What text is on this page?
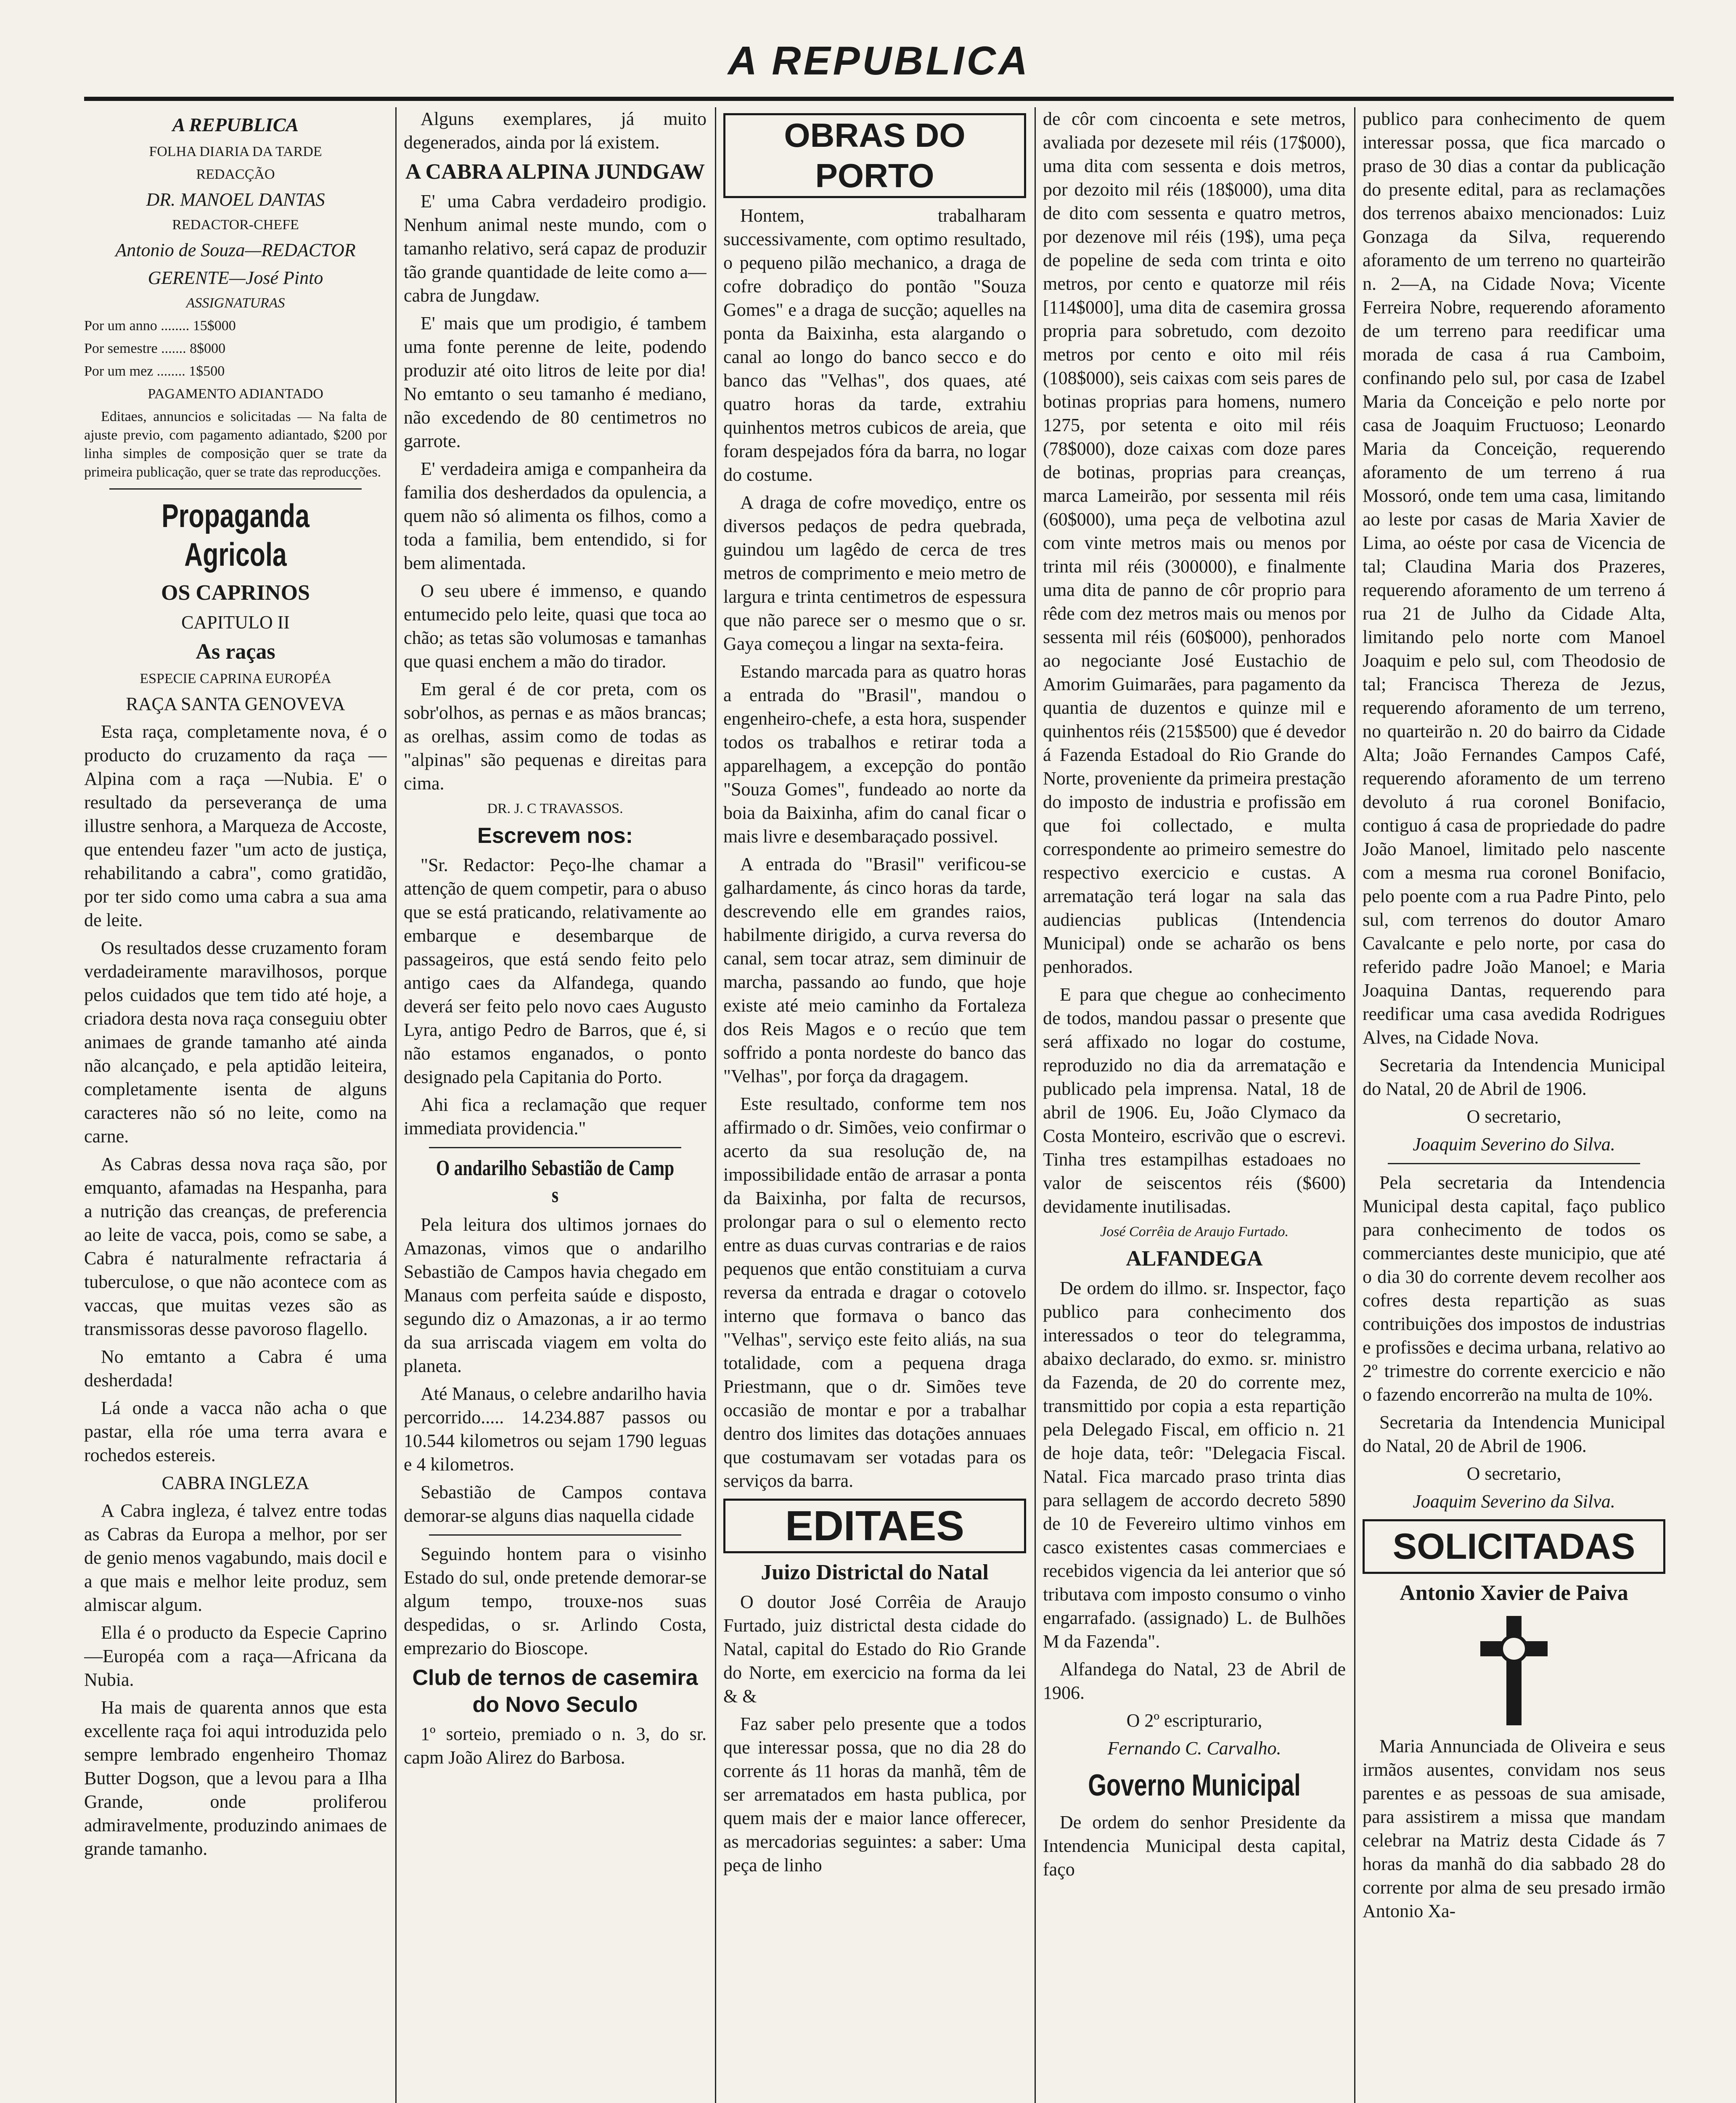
A REPUBLICA
A REPUBLICA

FOLHA DIARIA DA TARDE

REDACÇÃO

DR. MANOEL DANTAS

REDACTOR-CHEFE

Antonio de Souza—REDACTOR

GERENTE—José Pinto

ASSIGNATURAS

Por um anno ........ 15$000

Por semestre ....... 8$000

Por um mez ........ 1$500

PAGAMENTO ADIANTADO

Editaes, annuncios e solicitadas — Na falta de ajuste previo, com pagamento adiantado, $200 por linha simples de composição quer se trate da primeira publicação, quer se trate das reproducções.

Propaganda Agricola
OS CAPRINOS

CAPITULO II

As raças

ESPECIE CAPRINA EUROPÉA

RAÇA SANTA GENOVEVA

Esta raça, completamente nova, é o producto do cruzamento da raça —Alpina com a raça —Nubia. E' o resultado da perseverança de uma illustre senhora, a Marqueza de Accoste, que entendeu fazer "um acto de justiça, rehabilitando a cabra", como gratidão, por ter sido como uma cabra a sua ama de leite.

Os resultados desse cruzamento foram verdadeiramente maravilhosos, porque pelos cuidados que tem tido até hoje, a criadora desta nova raça conseguiu obter animaes de grande tamanho até ainda não alcançado, e pela aptidão leiteira, completamente isenta de alguns caracteres não só no leite, como na carne.

As Cabras dessa nova raça são, por emquanto, afamadas na Hespanha, para a nutrição das creanças, de preferencia ao leite de vacca, pois, como se sabe, a Cabra é naturalmente refractaria á tuberculose, o que não acontece com as vaccas, que muitas vezes são as transmissoras desse pavoroso flagello.

No emtanto a Cabra é uma desherdada!

Lá onde a vacca não acha o que pastar, ella róe uma terra avara e rochedos estereis.

CABRA INGLEZA

A Cabra ingleza, é talvez entre todas as Cabras da Europa a melhor, por ser de genio menos vagabundo, mais docil e a que mais e melhor leite produz, sem almiscar algum.

Ella é o producto da Especie Caprino—Européa com a raça—Africana da Nubia.

Ha mais de quarenta annos que esta excellente raça foi aqui introduzida pelo sempre lembrado engenheiro Thomaz Butter Dogson, que a levou para a Ilha Grande, onde proliferou admiravelmente, produzindo animaes de grande tamanho.

Alguns exemplares, já muito degenerados, ainda por lá existem.

A CABRA ALPINA JUNDGAW

E' uma Cabra verdadeiro prodigio. Nenhum animal neste mundo, com o tamanho relativo, será capaz de produzir tão grande quantidade de leite como a—cabra de Jungdaw.

E' mais que um prodigio, é tambem uma fonte perenne de leite, podendo produzir até oito litros de leite por dia! No emtanto o seu tamanho é mediano, não excedendo de 80 centimetros no garrote.

E' verdadeira amiga e companheira da familia dos desherdados da opulencia, a quem não só alimenta os filhos, como a toda a familia, bem entendido, si for bem alimentada.

O seu ubere é immenso, e quando entumecido pelo leite, quasi que toca ao chão; as tetas são volumosas e tamanhas que quasi enchem a mão do tirador.

Em geral é de cor preta, com os sobr'olhos, as pernas e as mãos brancas; as orelhas, assim como de todas as "alpinas" são pequenas e direitas para cima.

DR. J. C TRAVASSOS.

Escrevem nos:

"Sr. Redactor: Peço-lhe chamar a attenção de quem competir, para o abuso que se está praticando, relativamente ao embarque e desembarque de passageiros, que está sendo feito pelo antigo caes da Alfandega, quando deverá ser feito pelo novo caes Augusto Lyra, antigo Pedro de Barros, que é, si não estamos enganados, o ponto designado pela Capitania do Porto.

Ahi fica a reclamação que requer immediata providencia."

O andarilho Sebastião de Camp s

Pela leitura dos ultimos jornaes do Amazonas, vimos que o andarilho Sebastião de Campos havia chegado em Manaus com perfeita saúde e disposto, segundo diz o Amazonas, a ir ao termo da sua arriscada viagem em volta do planeta.

Até Manaus, o celebre andarilho havia percorrido..... 14.234.887 passos ou 10.544 kilometros ou sejam 1790 leguas e 4 kilometros.

Sebastião de Campos contava demorar-se alguns dias naquella cidade

Seguindo hontem para o visinho Estado do sul, onde pretende demorar-se algum tempo, trouxe-nos suas despedidas, o sr. Arlindo Costa, emprezario do Bioscope.

Club de ternos de casemira do Novo Seculo

1º sorteio, premiado o n. 3, do sr. capm João Alirez do Barbosa.

OBRAS DO PORTO

Hontem, trabalharam successivamente, com optimo resultado, o pequeno pilão mechanico, a draga de cofre dobradiço do pontão "Souza Gomes" e a draga de sucção; aquelles na ponta da Baixinha, esta alargando o canal ao longo do banco secco e do banco das "Velhas", dos quaes, até quatro horas da tarde, extrahiu quinhentos metros cubicos de areia, que foram despejados fóra da barra, no logar do costume.

A draga de cofre movediço, entre os diversos pedaços de pedra quebrada, guindou um lagêdo de cerca de tres metros de comprimento e meio metro de largura e trinta centimetros de espessura que não parece ser o mesmo que o sr. Gaya começou a lingar na sexta-feira.

Estando marcada para as quatro horas a entrada do "Brasil", mandou o engenheiro-chefe, a esta hora, suspender todos os trabalhos e retirar toda a apparelhagem, a excepção do pontão "Souza Gomes", fundeado ao norte da boia da Baixinha, afim do canal ficar o mais livre e desembaraçado possivel.

A entrada do "Brasil" verificou-se galhardamente, ás cinco horas da tarde, descrevendo elle em grandes raios, habilmente dirigido, a curva reversa do canal, sem tocar atraz, sem diminuir de marcha, passando ao fundo, que hoje existe até meio caminho da Fortaleza dos Reis Magos e o recúo que tem soffrido a ponta nordeste do banco das "Velhas", por força da dragagem.

Este resultado, conforme tem nos affirmado o dr. Simões, veio confirmar o acerto da sua resolução de, na impossibilidade então de arrasar a ponta da Baixinha, por falta de recursos, prolongar para o sul o elemento recto entre as duas curvas contrarias e de raios pequenos que então constituiam a curva reversa da entrada e dragar o cotovelo interno que formava o banco das "Velhas", serviço este feito aliás, na sua totalidade, com a pequena draga Priestmann, que o dr. Simões teve occasião de montar e por a trabalhar dentro dos limites das dotações annuaes que costumavam ser votadas para os serviços da barra.

EDITAES
Juizo Districtal do Natal

O doutor José Corrêia de Araujo Furtado, juiz districtal desta cidade do Natal, capital do Estado do Rio Grande do Norte, em exercicio na forma da lei & &

Faz saber pelo presente que a todos que interessar possa, que no dia 28 do corrente ás 11 horas da manhã, têm de ser arrematados em hasta publica, por quem mais der e maior lance offerecer, as mercadorias seguintes: a saber: Uma peça de linho

de côr com cincoenta e sete metros, avaliada por dezesete mil réis (17$000), uma dita com sessenta e dois metros, por dezoito mil réis (18$000), uma dita de dito com sessenta e quatro metros, por dezenove mil réis (19$), uma peça de popeline de seda com trinta e oito metros, por cento e quatorze mil réis [114$000], uma dita de casemira grossa propria para sobretudo, com dezoito metros por cento e oito mil réis (108$000), seis caixas com seis pares de botinas proprias para homens, numero 1275, por setenta e oito mil réis (78$000), doze caixas com doze pares de botinas, proprias para creanças, marca Lameirão, por sessenta mil réis (60$000), uma peça de velbotina azul com vinte metros mais ou menos por trinta mil réis (300000), e finalmente uma dita de panno de côr proprio para rêde com dez metros mais ou menos por sessenta mil réis (60$000), penhorados ao negociante José Eustachio de Amorim Guimarães, para pagamento da quantia de duzentos e quinze mil e quinhentos réis (215$500) que é devedor á Fazenda Estadoal do Rio Grande do Norte, proveniente da primeira prestação do imposto de industria e profissão em que foi collectado, e multa correspondente ao primeiro semestre do respectivo exercicio e custas. A arrematação terá logar na sala das audiencias publicas (Intendencia Municipal) onde se acharão os bens penhorados.

E para que chegue ao conhecimento de todos, mandou passar o presente que será affixado no logar do costume, reproduzido no dia da arrematação e publicado pela imprensa. Natal, 18 de abril de 1906. Eu, João Clymaco da Costa Monteiro, escrivão que o escrevi. Tinha tres estampilhas estadoaes no valor de seiscentos réis ($600) devidamente inutilisadas.

José Corrêia de Araujo Furtado.

ALFANDEGA

De ordem do illmo. sr. Inspector, faço publico para conhecimento dos interessados o teor do telegramma, abaixo declarado, do exmo. sr. ministro da Fazenda, de 20 do corrente mez, transmittido por copia a esta repartição pela Delegado Fiscal, em officio n. 21 de hoje data, teôr: "Delegacia Fiscal. Natal. Fica marcado praso trinta dias para sellagem de accordo decreto 5890 de 10 de Fevereiro ultimo vinhos em casco existentes casas commerciaes e recebidos vigencia da lei anterior que só tributava com imposto consumo o vinho engarrafado. (assignado) L. de Bulhões M da Fazenda".

Alfandega do Natal, 23 de Abril de 1906.

O 2º escripturario,

Fernando C. Carvalho.

Governo Municipal

De ordem do senhor Presidente da Intendencia Municipal desta capital, faço

publico para conhecimento de quem interessar possa, que fica marcado o praso de 30 dias a contar da publicação do presente edital, para as reclamações dos terrenos abaixo mencionados: Luiz Gonzaga da Silva, requerendo aforamento de um terreno no quarteirão n. 2—A, na Cidade Nova; Vicente Ferreira Nobre, requerendo aforamento de um terreno para reedificar uma morada de casa á rua Camboim, confinando pelo sul, por casa de Izabel Maria da Conceição e pelo norte por casa de Joaquim Fructuoso; Leonardo Maria da Conceição, requerendo aforamento de um terreno á rua Mossoró, onde tem uma casa, limitando ao leste por casas de Maria Xavier de Lima, ao oéste por casa de Vicencia de tal; Claudina Maria dos Prazeres, requerendo aforamento de um terreno á rua 21 de Julho da Cidade Alta, limitando pelo norte com Manoel Joaquim e pelo sul, com Theodosio de tal; Francisca Thereza de Jezus, requerendo aforamento de um terreno, no quarteirão n. 20 do bairro da Cidade Alta; João Fernandes Campos Café, requerendo aforamento de um terreno devoluto á rua coronel Bonifacio, contiguo á casa de propriedade do padre João Manoel, limitado pelo nascente com a mesma rua coronel Bonifacio, pelo poente com a rua Padre Pinto, pelo sul, com terrenos do doutor Amaro Cavalcante e pelo norte, por casa do referido padre João Manoel; e Maria Joaquina Dantas, requerendo para reedificar uma casa avedida Rodrigues Alves, na Cidade Nova.

Secretaria da Intendencia Municipal do Natal, 20 de Abril de 1906.

O secretario,

Joaquim Severino do Silva.

Pela secretaria da Intendencia Municipal desta capital, faço publico para conhecimento de todos os commerciantes deste municipio, que até o dia 30 do corrente devem recolher aos cofres desta repartição as suas contribuições dos impostos de industrias e profissões e decima urbana, relativo ao 2º trimestre do corrente exercicio e não o fazendo encorrerão na multa de 10%.

Secretaria da Intendencia Municipal do Natal, 20 de Abril de 1906.

O secretario,

Joaquim Severino da Silva.

SOLICITADAS
Antonio Xavier de Paiva

Maria Annunciada de Oliveira e seus irmãos ausentes, convidam nos seus parentes e as pessoas de sua amisade, para assistirem a missa que mandam celebrar na Matriz desta Cidade ás 7 horas da manhã do dia sabbado 28 do corrente por alma de seu presado irmão Antonio Xa-
